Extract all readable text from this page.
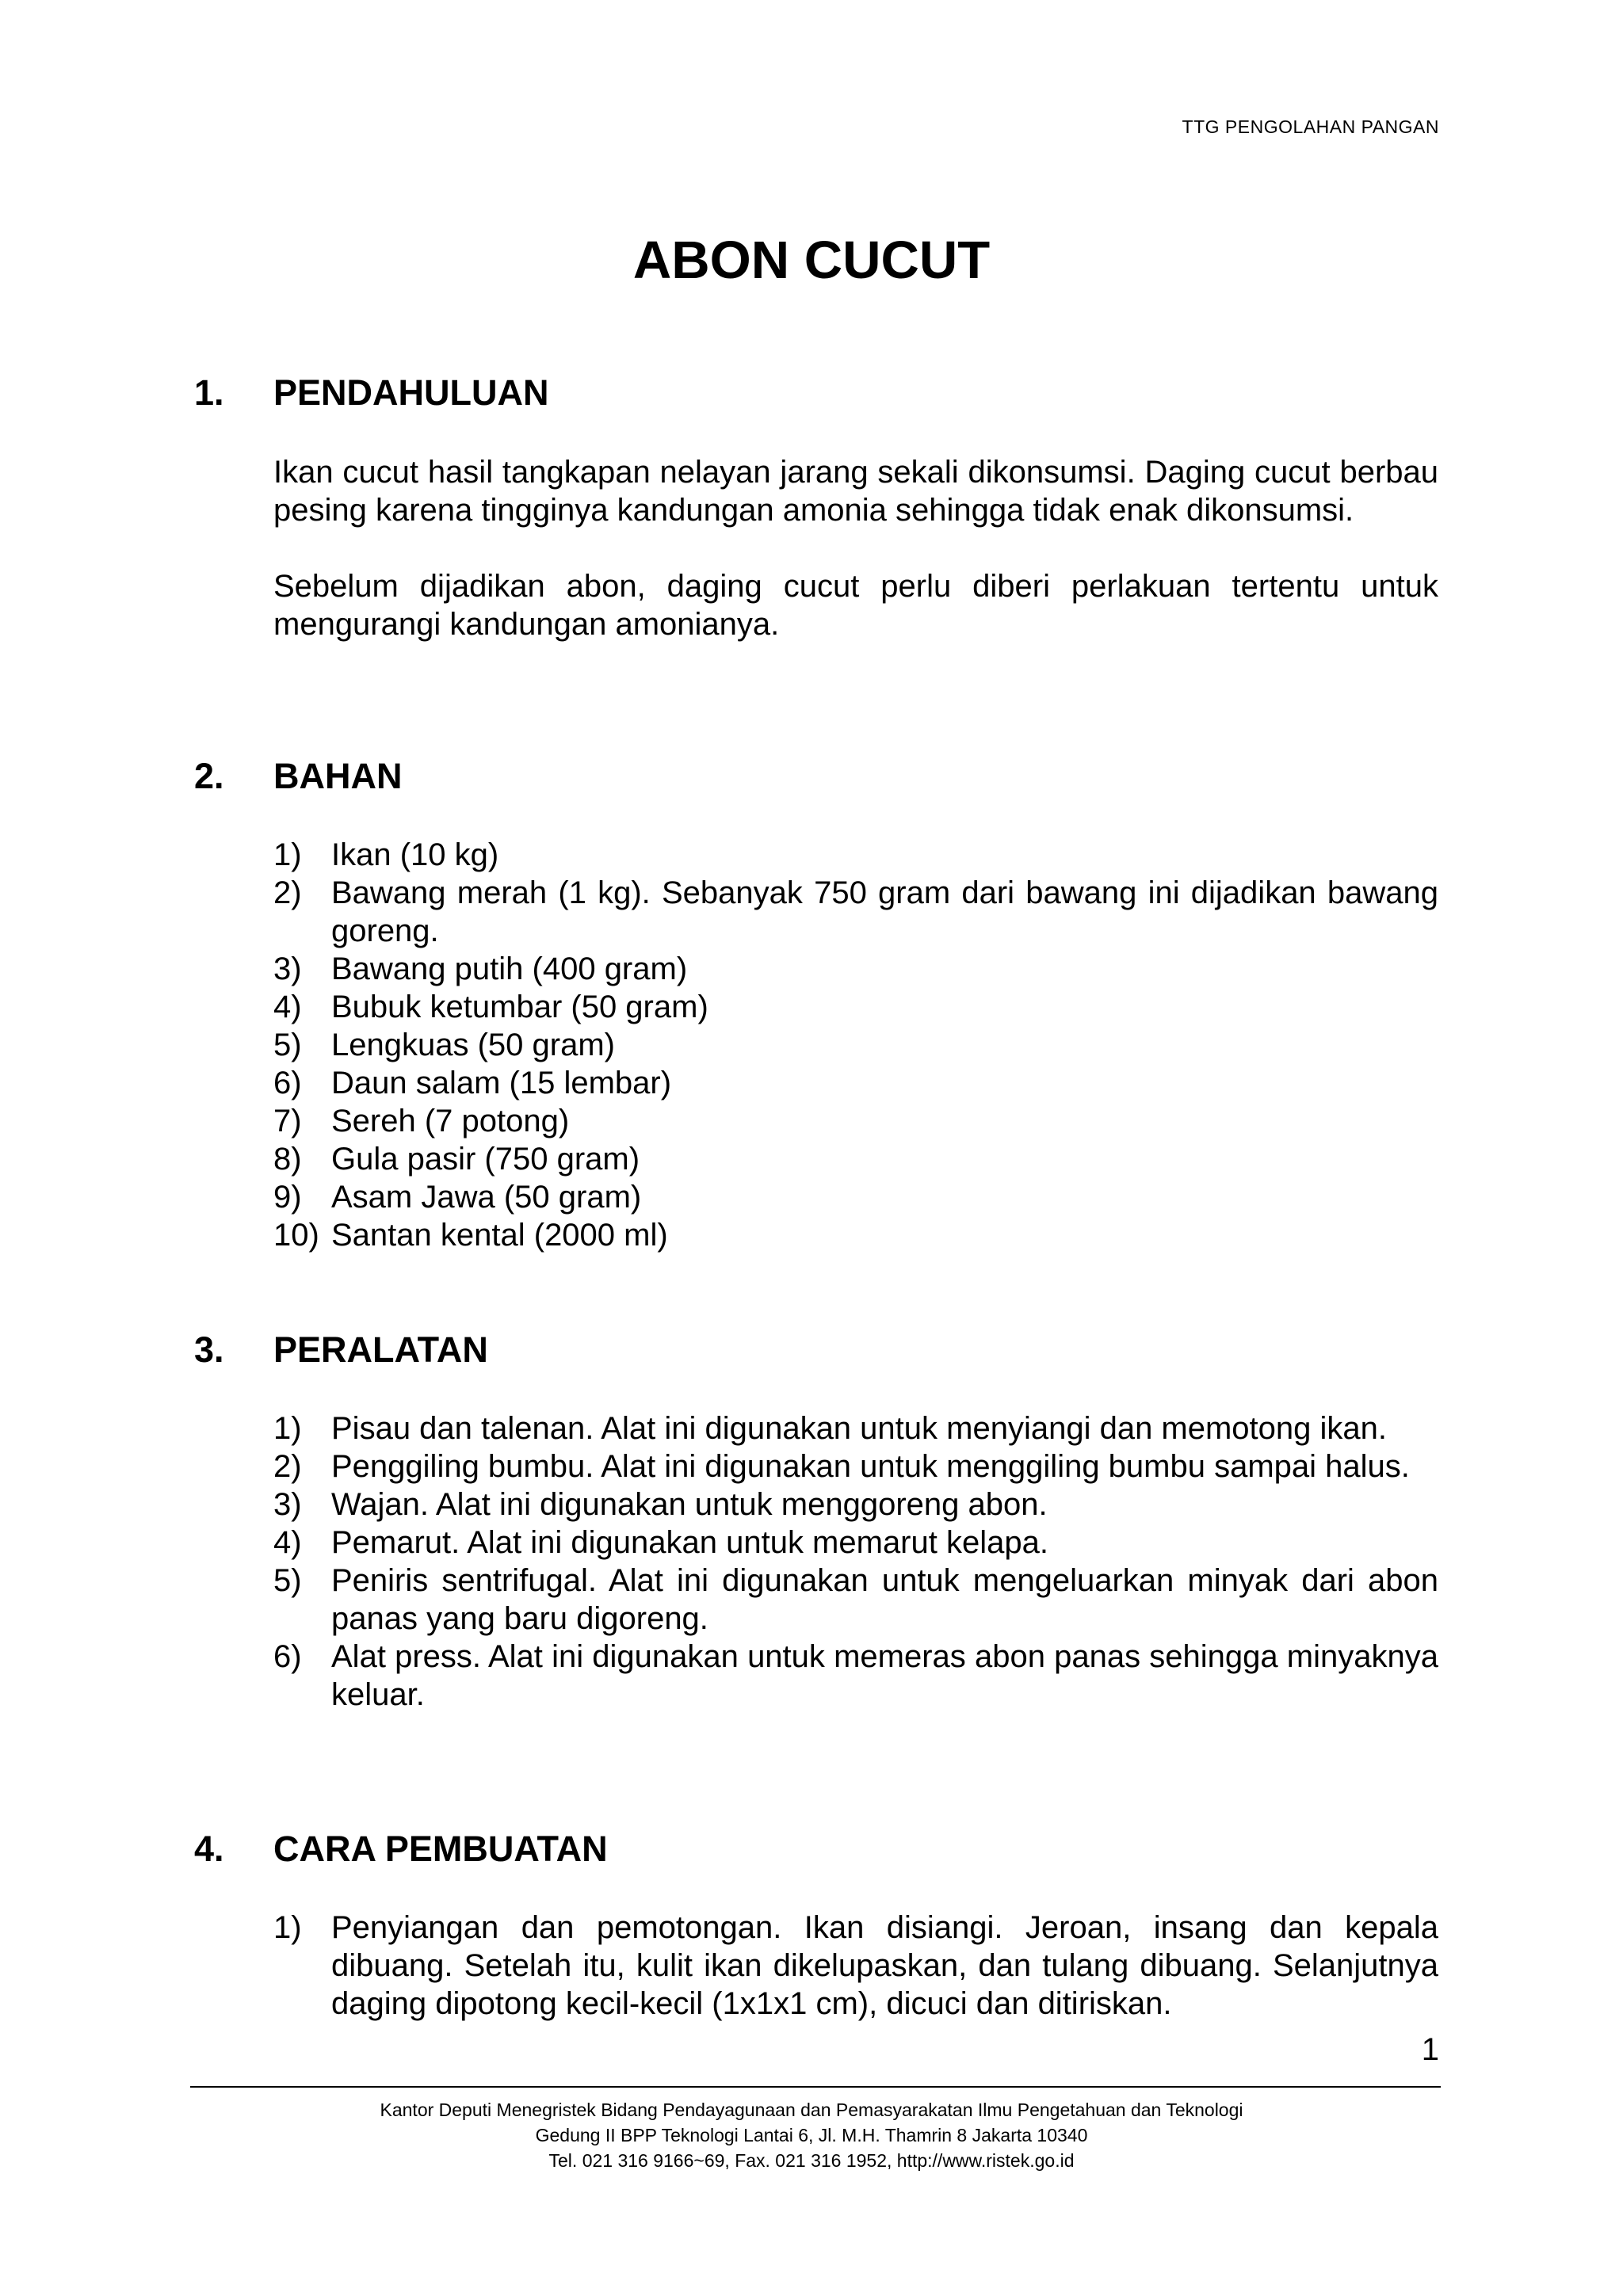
TTG PENGOLAHAN PANGAN
ABON CUCUT
1. PENDAHULUAN

Ikan cucut hasil tangkapan nelayan jarang sekali dikonsumsi. Daging cucut berbau pesing karena tingginya kandungan amonia sehingga tidak enak dikonsumsi.

Sebelum dijadikan abon, daging cucut perlu diberi perlakuan tertentu untuk mengurangi kandungan amonianya.

2. BAHAN
1) Ikan (10 kg)
2) Bawang merah (1 kg). Sebanyak 750 gram dari bawang ini dijadikan bawang goreng.
3) Bawang putih (400 gram)
4) Bubuk ketumbar (50 gram)
5) Lengkuas (50 gram)
6) Daun salam (15 lembar)
7) Sereh (7 potong)
8) Gula pasir (750 gram)
9) Asam Jawa (50 gram)
10) Santan kental (2000 ml)
3. PERALATAN
1) Pisau dan talenan. Alat ini digunakan untuk menyiangi dan memotong ikan.
2) Penggiling bumbu. Alat ini digunakan untuk menggiling bumbu sampai halus.
3) Wajan. Alat ini digunakan untuk menggoreng abon.
4) Pemarut. Alat ini digunakan untuk memarut kelapa.
5) Peniris sentrifugal. Alat ini digunakan untuk mengeluarkan minyak dari abon panas yang baru digoreng.
6) Alat press. Alat ini digunakan untuk memeras abon panas sehingga minyaknya keluar.
4. CARA PEMBUATAN
1) Penyiangan dan pemotongan. Ikan disiangi. Jeroan, insang dan kepala dibuang. Setelah itu, kulit ikan dikelupaskan, dan tulang dibuang. Selanjutnya daging dipotong kecil-kecil (1x1x1 cm), dicuci dan ditiriskan.
1
Kantor Deputi Menegristek Bidang Pendayagunaan dan Pemasyarakatan Ilmu Pengetahuan dan Teknologi
Gedung II BPP Teknologi Lantai 6, Jl. M.H. Thamrin 8 Jakarta 10340
Tel. 021 316 9166~69, Fax. 021 316 1952, http://www.ristek.go.id
